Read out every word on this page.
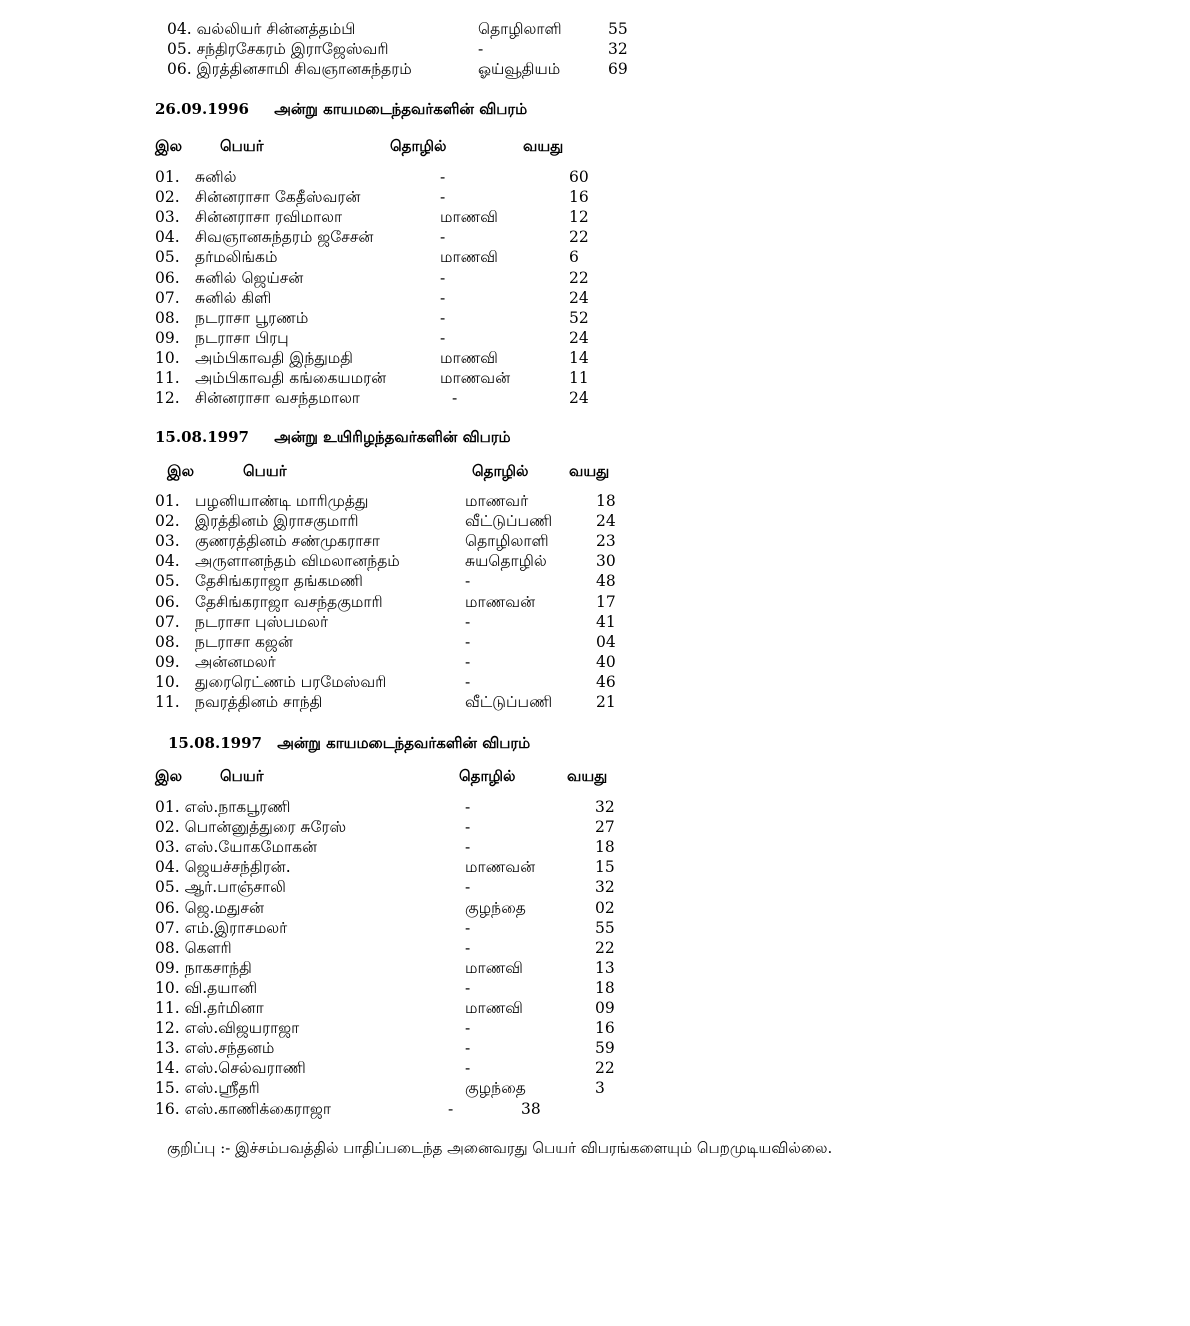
04. வல்லியர் சின்னத்தம்பி	தொழிலாளி	55
05. சந்திரசேகரம் இராஜேஸ்வரி	-	32
06. இரத்தினசாமி சிவஞானசுந்தரம்	ஓய்வூதியம்	69
26.09.1996 அன்று காயமடைந்தவர்களின் விபரம்
இல	பெயர்	தொழில்	வயது
01. சுனில்	-	60
02. சின்னராசா கேதீஸ்வரன்	-	16
03. சின்னராசா ரவிமாலா	மாணவி	12
04. சிவஞானசுந்தரம் ஜசேசன்	-	22
05. தர்மலிங்கம்	மாணவி	6
06. சுனில் ஜெய்சன்	-	22
07. சுனில் கிளி	-	24
08. நடராசா பூரணம்	-	52
09. நடராசா பிரபு	-	24
10. அம்பிகாவதி இந்துமதி	மாணவி	14
11. அம்பிகாவதி கங்கையமரன்	மாணவன்	11
12. சின்னராசா வசந்தமாலா	-	24
15.08.1997 அன்று உயிரிழந்தவர்களின் விபரம்
இல	பெயர்	தொழில்	வயது
01. பழனியாண்டி மாரிமுத்து	மாணவர்	18
02. இரத்தினம் இராசகுமாரி	வீட்டுப்பணி	24
03. குணரத்தினம் சண்முகராசா	தொழிலாளி	23
04. அருளானந்தம் விமலானந்தம்	சுயதொழில்	30
05. தேசிங்கராஜா தங்கமணி	-	48
06. தேசிங்கராஜா வசந்தகுமாரி	மாணவன்	17
07. நடராசா புஸ்பமலர்	-	41
08. நடராசா கஜன்	-	04
09. அன்னமலர்	-	40
10. துரைரெட்ணம் பரமேஸ்வரி	-	46
11. நவரத்தினம் சாந்தி	வீட்டுப்பணி	21
15.08.1997 அன்று காயமடைந்தவர்களின் விபரம்
இல	பெயர்	தொழில்	வயது
01. எஸ்.நாகபூரணி	-	32
02. பொன்னுத்துரை சுரேஸ்	-	27
03. எஸ்.யோகமோகன்	-	18
04. ஜெயச்சந்திரன்.	மாணவன்	15
05. ஆர்.பாஞ்சாலி	-	32
06. ஜெ.மதுசன்	குழந்தை	02
07. எம்.இராசமலர்	-	55
08. கௌரி	-	22
09. நாகசாந்தி	மாணவி	13
10. வி.தயானி	-	18
11. வி.தர்மினா	மாணவி	09
12. எஸ்.விஜயராஜா	-	16
13. எஸ்.சந்தனம்	-	59
14. எஸ்.செல்வராணி	-	22
15. எஸ்.ஸ்ரீதரி	குழந்தை	3
16. எஸ்.காணிக்கைராஜா	-	38
குறிப்பு :- இச்சம்பவத்தில் பாதிப்படைந்த அனைவரது பெயர் விபரங்களையும் பெறமுடியவில்லை.
